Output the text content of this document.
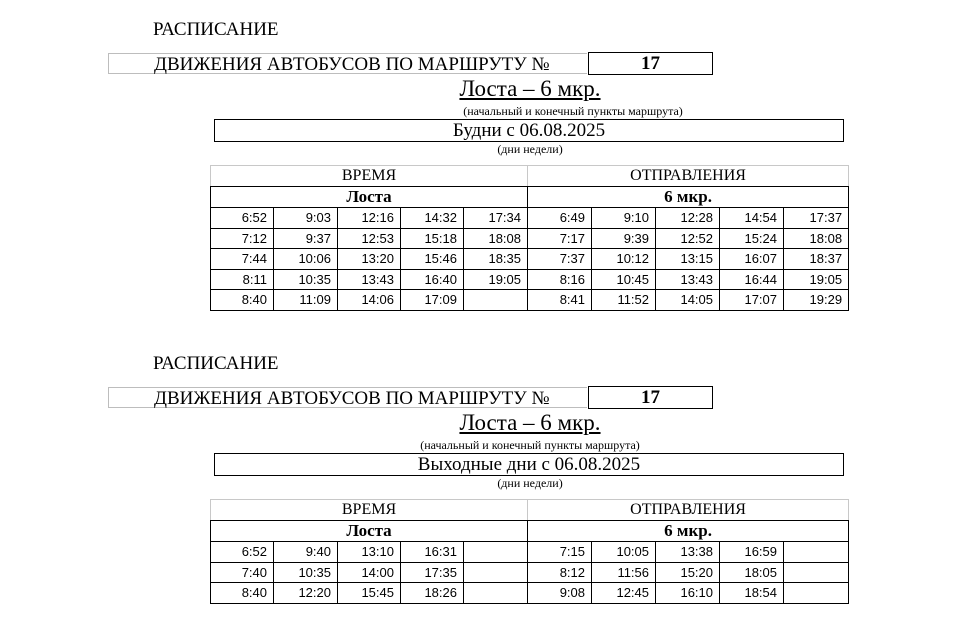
РАСПИСАНИЕ
ДВИЖЕНИЯ АВТОБУСОВ ПО МАРШРУТУ №	17
Лоста – 6 мкр.
(начальный и конечный пункты маршрута)
Будни с 06.08.2025
(дни недели)
ВРЕМЯ					ОТПРАВЛЕНИЯ				
Лоста					6 мкр.				
6:52	9:03	12:16	14:32	17:34	6:49	9:10	12:28	14:54	17:37
7:12	9:37	12:53	15:18	18:08	7:17	9:39	12:52	15:24	18:08
7:44	10:06	13:20	15:46	18:35	7:37	10:12	13:15	16:07	18:37
8:11	10:35	13:43	16:40	19:05	8:16	10:45	13:43	16:44	19:05
8:40	11:09	14:06	17:09		8:41	11:52	14:05	17:07	19:29
РАСПИСАНИЕ
ДВИЖЕНИЯ АВТОБУСОВ ПО МАРШРУТУ №	17
Лоста – 6 мкр.
(начальный и конечный пункты маршрута)
Выходные дни с 06.08.2025
(дни недели)
ВРЕМЯ					ОТПРАВЛЕНИЯ				
Лоста					6 мкр.				
6:52	9:40	13:10	16:31		7:15	10:05	13:38	16:59	
7:40	10:35	14:00	17:35		8:12	11:56	15:20	18:05	
8:40	12:20	15:45	18:26		9:08	12:45	16:10	18:54	
